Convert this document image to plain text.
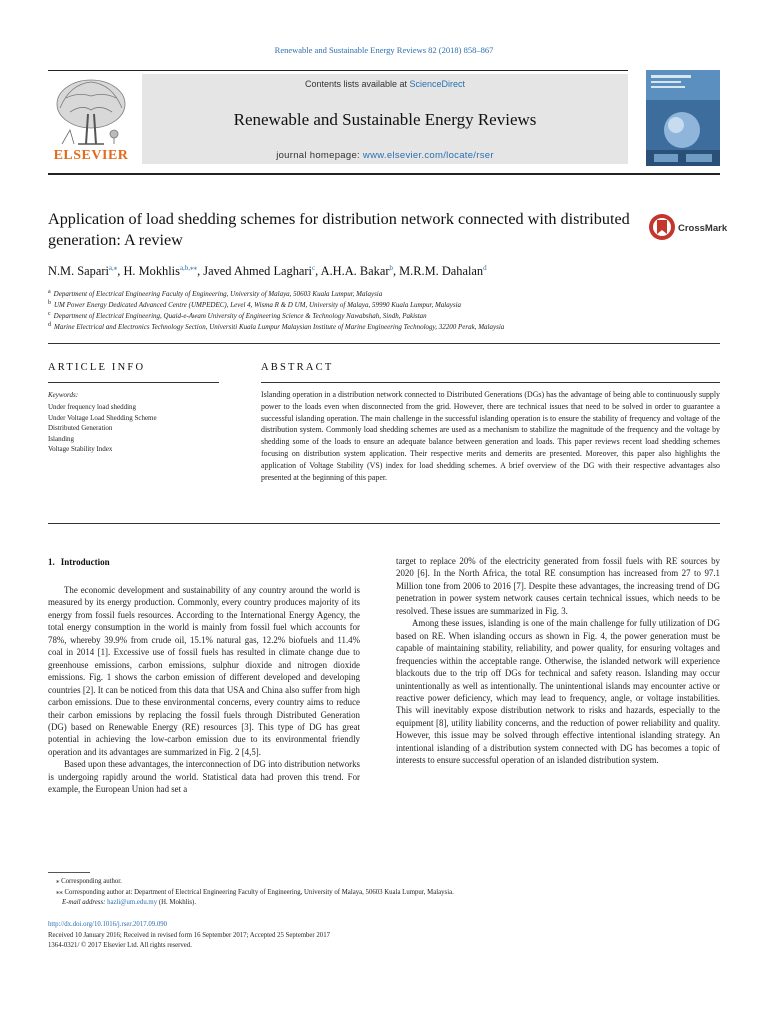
Renewable and Sustainable Energy Reviews 82 (2018) 858–867
ELSEVIER
Contents lists available at ScienceDirect
Renewable and Sustainable Energy Reviews
journal homepage: www.elsevier.com/locate/rser
Application of load shedding schemes for distribution network connected with distributed generation: A review
CrossMark
N.M. Sapari$^{a,⁎}$, H. Mokhlis$^{a,b,⁎⁎}$, Javed Ahmed Laghari$^c$, A.H.A. Bakar$^b$, M.R.M. Dahalan$^d$
$^a$ Department of Electrical Engineering Faculty of Engineering, University of Malaya, 50603 Kuala Lumpur, Malaysia
$^b$ UM Power Energy Dedicated Advanced Centre (UMPEDEC), Level 4, Wisma R & D UM, University of Malaya, 59990 Kuala Lumpur, Malaysia
$^c$ Department of Electrical Engineering, Quaid-e-Awam University of Engineering Science & Technology Nawabshah, Sindh, Pakistan
$^d$ Marine Electrical and Electronics Technology Section, Universiti Kuala Lumpur Malaysian Institute of Marine Engineering Technology, 32200 Perak, Malaysia
ARTICLE INFO	ABSTRACT
Keywords:
Under frequency load shedding
Under Voltage Load Shedding Scheme
Distributed Generation
Islanding
Voltage Stability Index
Islanding operation in a distribution network connected to Distributed Generations (DGs) has the advantage of being able to continuously supply power to the loads even when disconnected from the grid. However, there are technical issues that need to be solved in order to guarantee a successful islanding operation. The main challenge in the successful islanding operation is to ensure the stability of frequency and voltage of the distribution system. Commonly load shedding schemes are used as a mechanism to stabilize the magnitude of the frequency and the voltage by shedding some of the loads to ensure an adequate balance between generation and loads. This paper reviews recent load shedding schemes focusing on distribution system application. Their respective merits and demerits are presented. Moreover, this paper also highlights the application of Voltage Stability (VS) index for load shedding schemes. A brief overview of the DG with their respective advantages also presented at the beginning of this paper.
1. Introduction

The economic development and sustainability of any country around the world is measured by its energy production. Commonly, every country produces majority of its energy from fossil fuels resources. According to the International Energy Agency, the total energy consumption in the world is mainly from fossil fuel which accounts for 78%, whereby 39.9% from crude oil, 15.1% natural gas, 12.2% biofuels and 11.4% coal in 2014 [1]. Excessive use of fossil fuels has resulted in climate change due to greenhouse emissions, carbon emissions, sulphur dioxide and nitrogen dioxide emissions. Fig. 1 shows the carbon emission of different developed and developing countries [2]. It can be noticed from this data that USA and China also suffer from high carbon emissions. Due to these environmental concerns, every country aims to reduce their carbon emissions by replacing the fossil fuels through Distributed Generation (DG) based on Renewable Energy (RE) resources [3]. This type of DG has great potential in achieving the low-carbon emission due to its environmental friendly operation and its advantages are summarized in Fig. 2 [4,5].

Based upon these advantages, the interconnection of DG into distribution networks is undergoing rapidly around the world. Statistical data had proven this trend. For example, the European Union had set a

target to replace 20% of the electricity generated from fossil fuels with RE sources by 2020 [6]. In the North Africa, the total RE consumption has increased from 27 to 97.1 Million tone from 2006 to 2016 [7]. Despite these advantages, the increasing trend of DG penetration in power system network causes certain technical issues, which needs to be resolved. These issues are summarized in Fig. 3.

Among these issues, islanding is one of the main challenge for fully utilization of DG based on RE. When islanding occurs as shown in Fig. 4, the power generation must be capable of maintaining stability, reliability, and power quality, for ensuring voltages and frequencies within the acceptable range. Otherwise, the islanded network will experience blackouts due to the trip off DGs for technical and safety reason. Islanding may occur unintentionally as well as intentionally. The unintentional islands may encounter active or reactive power deficiency, which may lead to frequency, angle, or voltage instabilities. This will inevitably expose distribution network to risks and hazards, especially to the equipment [8], utility liability concerns, and the reduction of power reliability and quality. However, this issue may be solved through effective intentional islanding strategy. An intentional islanding of a distribution system connected with DG has becomes a topic of interests to ensure successful operation of an islanded distribution system.

⁎ Corresponding author.
⁎⁎ Corresponding author at: Department of Electrical Engineering Faculty of Engineering, University of Malaya, 50603 Kuala Lumpur, Malaysia.
E-mail address: hazli@um.edu.my (H. Mokhlis).
http://dx.doi.org/10.1016/j.rser.2017.09.090
Received 10 January 2016; Received in revised form 16 September 2017; Accepted 25 September 2017
1364-0321/ © 2017 Elsevier Ltd. All rights reserved.
